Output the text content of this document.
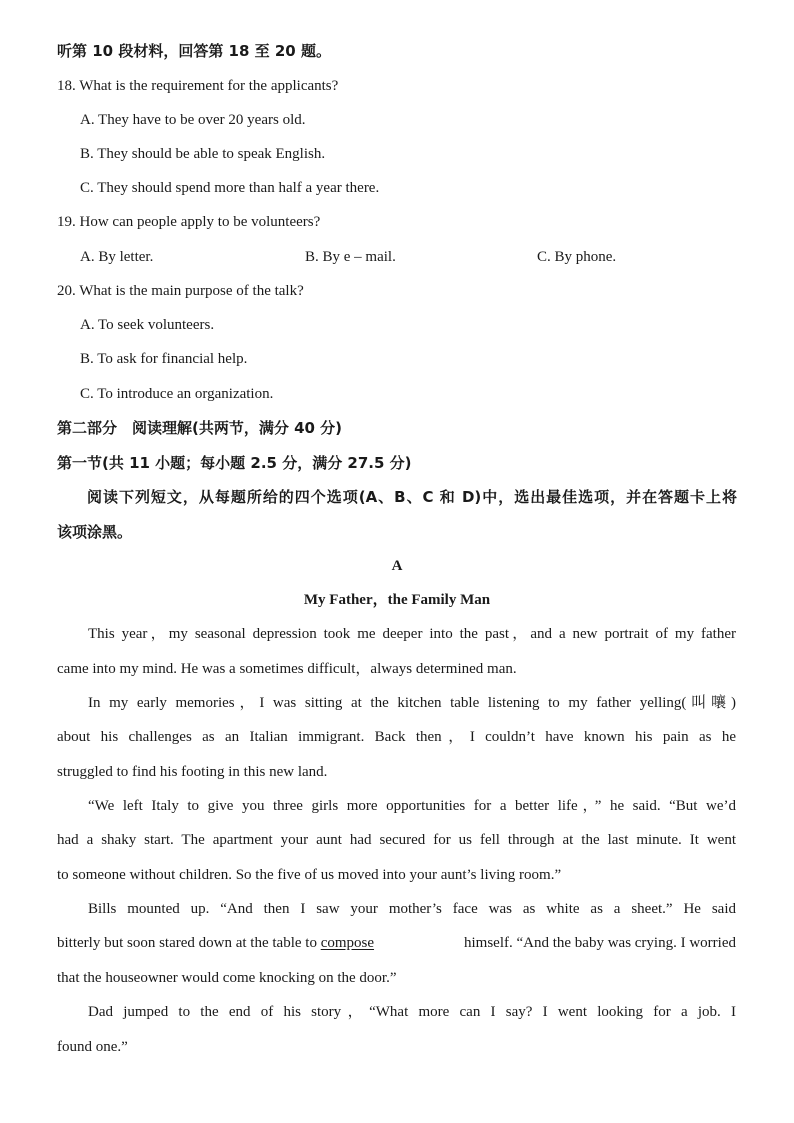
听第 10 段材料，回答第 18 至 20 题。
18. What is the requirement for the applicants?
A. They have to be over 20 years old.
B. They should be able to speak English.
C. They should spend more than half a year there.
19. How can people apply to be volunteers?
A. By letter.	B. By e – mail.	C. By phone.
20. What is the main purpose of the talk?
A. To seek volunteers.
B. To ask for financial help.
C. To introduce an organization.
第二部分　阅读理解(共两节，满分 40 分)
第一节(共 11 小题；每小题 2.5 分，满分 27.5 分)
阅读下列短文，从每题所给的四个选项(A、B、C 和 D)中，选出最佳选项，并在答题卡上将
该项涂黑。
A
My Father，the Family Man
This year，my seasonal depression took me deeper into the past，and a new portrait of my father
came into my mind. He was a sometimes difficult，always determined man.
In my early memories，I was sitting at the kitchen table listening to my father yelling(叫嚷)
about his challenges as an Italian immigrant. Back then，I couldn’t have known his pain as he
struggled to find his footing in this new land.
“We left Italy to give you three girls more opportunities for a better life，” he said. “But we’d
had a shaky start. The apartment your aunt had secured for us fell through at the last minute. It went
to someone without children. So the five of us moved into your aunt’s living room.”
Bills mounted up. “And then I saw your mother’s face was as white as a sheet.” He said
bitterly but soon stared down at the table to compose	himself. “And the baby was crying. I worried
that the houseowner would come knocking on the door.”
Dad jumped to the end of his story，“What more can I say? I went looking for a job. I
found one.”
